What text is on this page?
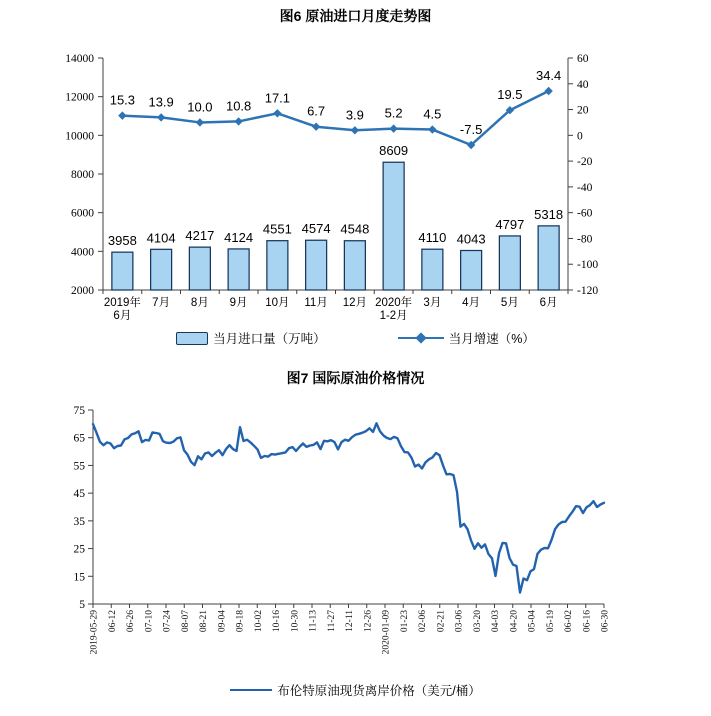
图6 原油进口月度走势图
2000
4000
6000
8000
10000
12000
14000
-120
-100
-80
-60
-40
-20
0
20
40
60
2019年
6月
7月 8月 9月 10月 11月 12月 2020年
1-2月
3月 4月 5月 6月
3958 4104 4217 4124
4551 4574 4548
8609
4110 4043
4797
5318
15.3 13.9 10.0 10.8
17.1
6.7 3.9 5.2 4.5
-7.5
19.5
34.4
当月进口量（万吨）	当月增速（%）
图7 国际原油价格情况
5
15
25
35
45
55
65
75
2019-05-29 06-12 06-26 07-10 07-24 08-07 08-21 09-04 09-18 10-02 10-16 10-30 11-13 11-27 12-11 12-26 2020-01-09 01-23 02-06 02-21 03-06 03-20 04-03 04-20 05-04 05-19 06-02 06-16 06-30
布伦特原油现货离岸价格（美元/桶）
